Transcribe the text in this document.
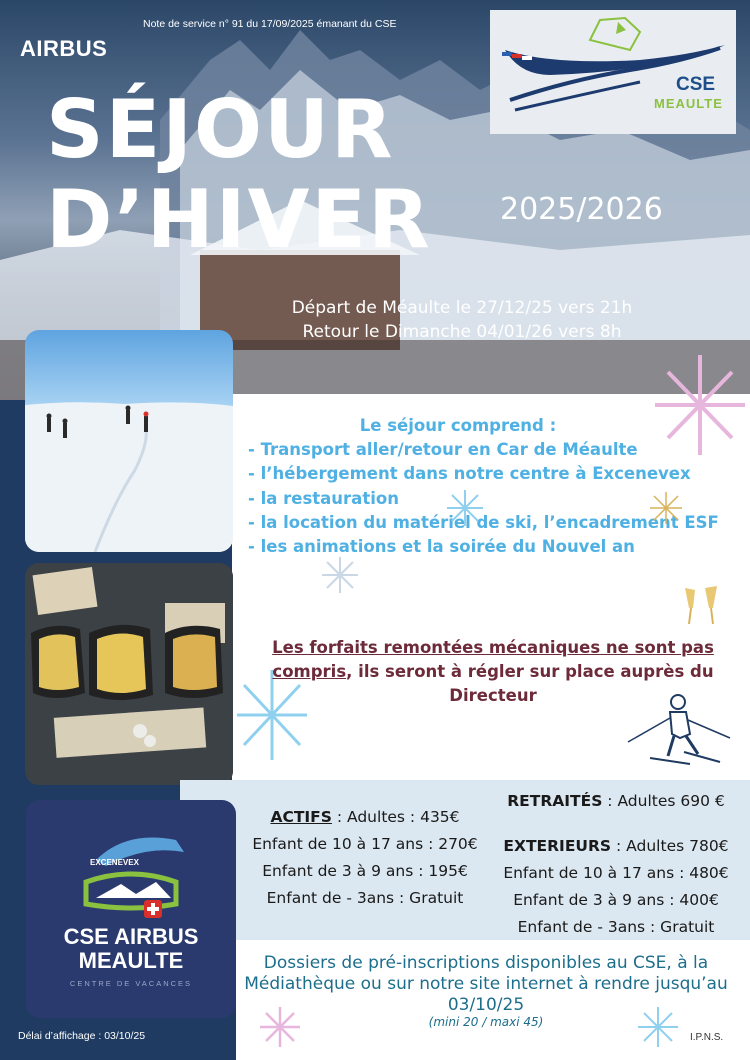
Note de service n° 91 du 17/09/2025 émanant du CSE
AIRBUS
CSE
MEAULTE
SÉJOUR
D’HIVER 2025/2026
Départ de Méaulte le 27/12/25 vers 21h
Retour le Dimanche 04/01/26 vers 8h
Le séjour comprend :
- Transport aller/retour en Car de Méaulte
- l’hébergement dans notre centre à Excenevex
- la restauration
- la location du matériel de ski, l’encadrement ESF
- les animations et la soirée du Nouvel an
Les forfaits remontées mécaniques ne sont pas compris, ils seront à régler sur place auprès du Directeur
ACTIFS : Adultes : 435€
Enfant de 10 à 17 ans : 270€
Enfant de 3 à 9 ans : 195€
Enfant de - 3ans : Gratuit
RETRAITÉS : Adultes 690 €
EXTERIEURS : Adultes 780€
Enfant de 10 à 17 ans : 480€
Enfant de 3 à 9 ans : 400€
Enfant de - 3ans : Gratuit
EXCENEVEX
CSE AIRBUS
MEAULTE
CENTRE DE VACANCES
Dossiers de pré-inscriptions disponibles au CSE, à la Médiathèque ou sur notre site internet à rendre jusqu’au 03/10/25
(mini 20 / maxi 45)
Délai d’affichage : 03/10/25	I.P.N.S.
